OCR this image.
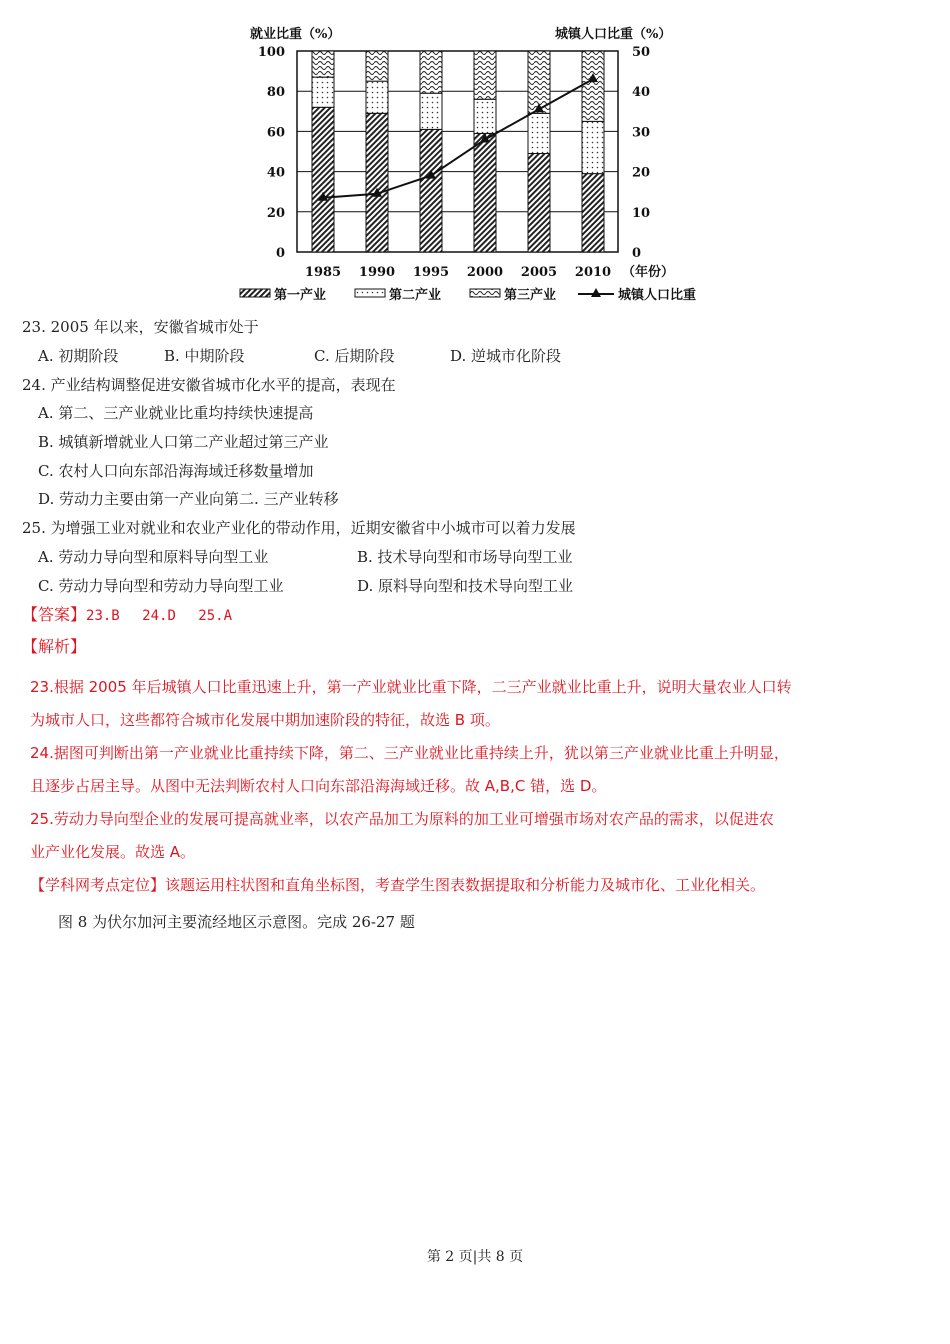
就业比重（%）	城镇人口比重（%）
（年份）
0	0
20	10
40	20
60	30
80	40
100	50
1985 1990 1995 2000 2005 2010
第一产业	第二产业	第三产业	城镇人口比重
23. 2005 年以来，安徽省城市处于
A. 初期阶段	B. 中期阶段	C. 后期阶段	D. 逆城市化阶段
24. 产业结构调整促进安徽省城市化水平的提高，表现在
A. 第二、三产业就业比重均持续快速提高
B. 城镇新增就业人口第二产业超过第三产业
C. 农村人口向东部沿海海域迁移数量增加
D. 劳动力主要由第一产业向第二. 三产业转移
25. 为增强工业对就业和农业产业化的带动作用，近期安徽省中小城市可以着力发展
A. 劳动力导向型和原料导向型工业	B. 技术导向型和市场导向型工业
C. 劳动力导向型和劳动力导向型工业	D. 原料导向型和技术导向型工业
【答案】23.B　 24.D　 25.A
【解析】
23.根据 2005 年后城镇人口比重迅速上升，第一产业就业比重下降，二三产业就业比重上升，说明大量农业人口转
为城市人口，这些都符合城市化发展中期加速阶段的特征，故选 B 项。
24.据图可判断出第一产业就业比重持续下降，第二、三产业就业比重持续上升，犹以第三产业就业比重上升明显，
且逐步占居主导。从图中无法判断农村人口向东部沿海海域迁移。故 A,B,C 错，选 D。
25.劳动力导向型企业的发展可提高就业率，以农产品加工为原料的加工业可增强市场对农产品的需求，以促进农
业产业化发展。故选 A。
【学科网考点定位】该题运用柱状图和直角坐标图，考查学生图表数据提取和分析能力及城市化、工业化相关。
图 8 为伏尔加河主要流经地区示意图。完成 26-27 题
第 2 页|共 8 页
